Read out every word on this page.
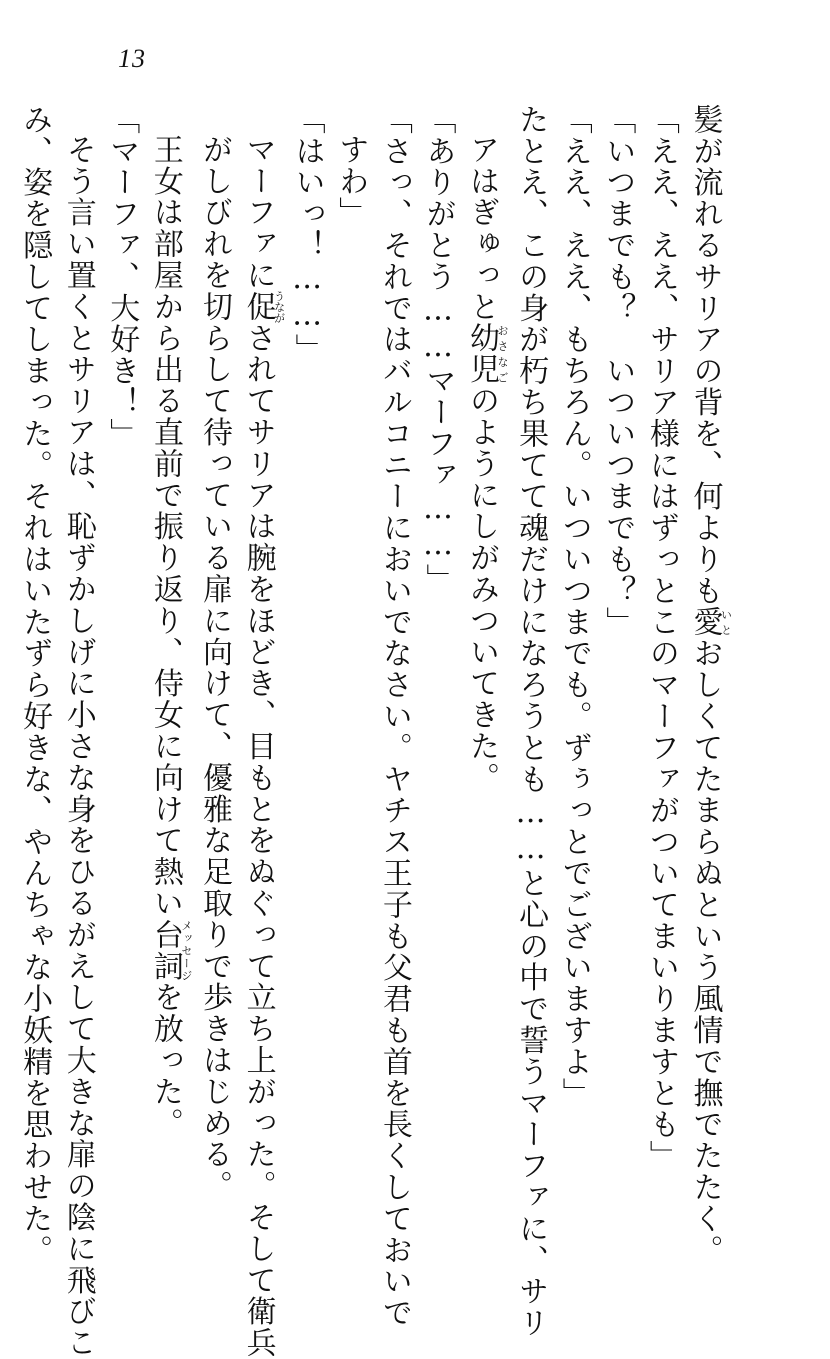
13

髪が流れるサリアの背を、何よりも愛いとおしくてたまらぬという風情で撫でたたく。

「ええ、ええ、サリア様にはずっとこのマーファがついてまいりますとも」

「いつまでも？　いついつまでも？」

「ええ、ええ、もちろん。いついつまでも。ずぅっとでございますよ」

たとえ、この身が朽ち果てて魂だけになろうとも……と心の中で誓うマーファに、サリ

アはぎゅっと幼児おさなごのようにしがみついてきた。

「ありがとう……マーファ……」

「さっ、それではバルコニーにおいでなさい。ヤチス王子も父君も首を長くしておいで

すわ」

「はいっ！……」

マーファに促うながされてサリアは腕をほどき、目もとをぬぐって立ち上がった。そして衛兵

がしびれを切らして待っている扉に向けて、優雅な足取りで歩きはじめる。

王女は部屋から出る直前で振り返り、侍女に向けて熱い台詞メッセージを放った。

「マーファ、大好き！」

そう言い置くとサリアは、恥ずかしげに小さな身をひるがえして大きな扉の陰に飛びこ

み、姿を隠してしまった。それはいたずら好きな、やんちゃな小妖精を思わせた。
